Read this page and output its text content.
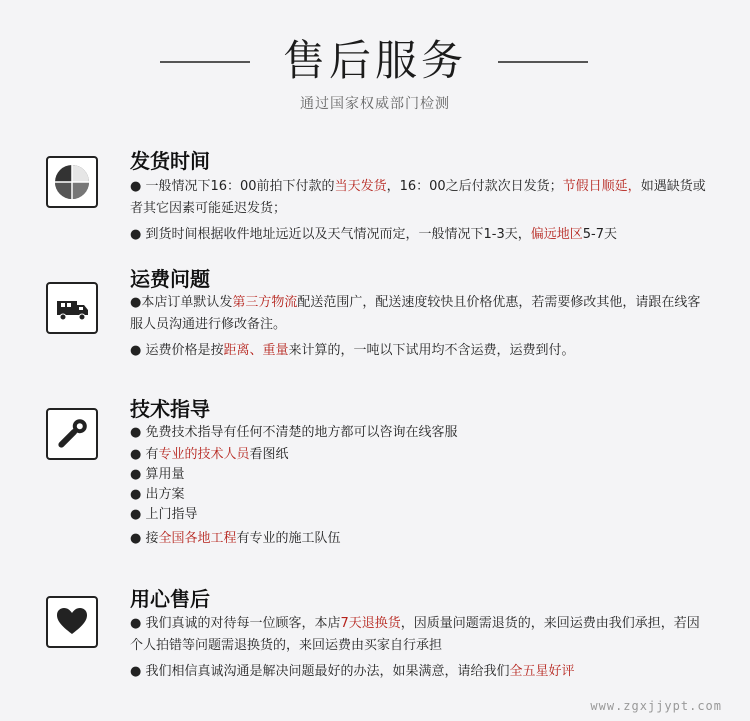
售后服务
通过国家权威部门检测
发货时间

● 一般情况下16：00前拍下付款的当天发货，16：00之后付款次日发货；节假日顺延，如遇缺货或者其它因素可能延迟发货；

● 到货时间根据收件地址远近以及天气情况而定，一般情况下1-3天，偏远地区5-7天

运费问题

●本店订单默认发第三方物流配送范围广，配送速度较快且价格优惠，若需要修改其他，请跟在线客服人员沟通进行修改备注。

● 运费价格是按距离、重量来计算的，一吨以下试用均不含运费，运费到付。

技术指导

● 免费技术指导有任何不清楚的地方都可以咨询在线客服

● 有专业的技术人员看图纸

● 算用量

● 出方案

● 上门指导

● 接全国各地工程有专业的施工队伍

用心售后

● 我们真诚的对待每一位顾客，本店7天退换货，因质量问题需退货的，来回运费由我们承担，若因个人拍错等问题需退换货的，来回运费由买家自行承担

● 我们相信真诚沟通是解决问题最好的办法，如果满意，请给我们全五星好评

www.zgxjjypt.com
